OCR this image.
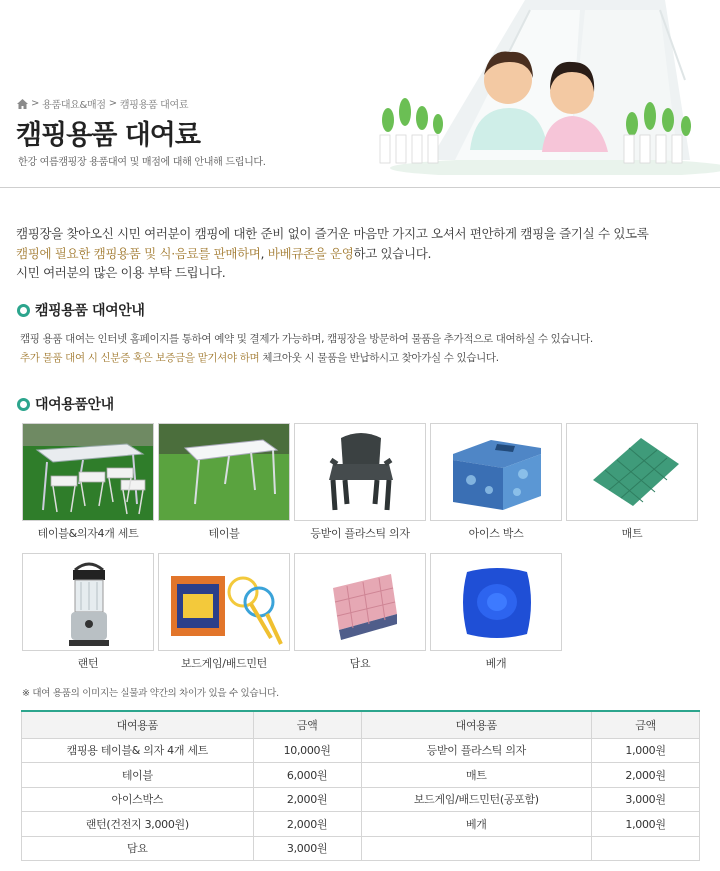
> 용품대요&매점 > 캠핑용품 대여료
캠핑용품 대여료
한강 여름캠핑장 용품대여 및 매점에 대해 안내해 드립니다.
캠핑장을 찾아오신 시민 여러분이 캠핑에 대한 준비 없이 즐거운 마음만 가지고 오셔서 편안하게 캠핑을 즐기실 수 있도록
캠핑에 필요한 캠핑용품 및 식·음료를 판매하며, 바베큐존을 운영하고 있습니다.
시민 여러분의 많은 이용 부탁 드립니다.
캠핑용품 대여안내
캠핑 용품 대여는 인터넷 홈페이지를 통하여 예약 및 결제가 가능하며, 캠핑장을 방문하여 물품을 추가적으로 대여하실 수 있습니다.
추가 물품 대여 시 신분증 혹은 보증금을 맡기셔야 하며 체크아웃 시 물품을 반납하시고 찾아가실 수 있습니다.
대여용품안내
테이블&의자4개 세트	테이블	등받이 플라스틱 의자	아이스 박스	매트
랜턴	보드게임/배드민턴	담요	베개
※ 대여 용품의 이미지는 실물과 약간의 차이가 있을 수 있습니다.
대여용품	금액	대여용품	금액
캠핑용 테이블& 의자 4개 세트	10,000원	등받이 플라스틱 의자	1,000원
테이블	6,000원	매트	2,000원
아이스박스	2,000원	보드게임/배드민턴(공포함)	3,000원
랜턴(건전지 3,000원)	2,000원	베개	1,000원
담요	3,000원		
